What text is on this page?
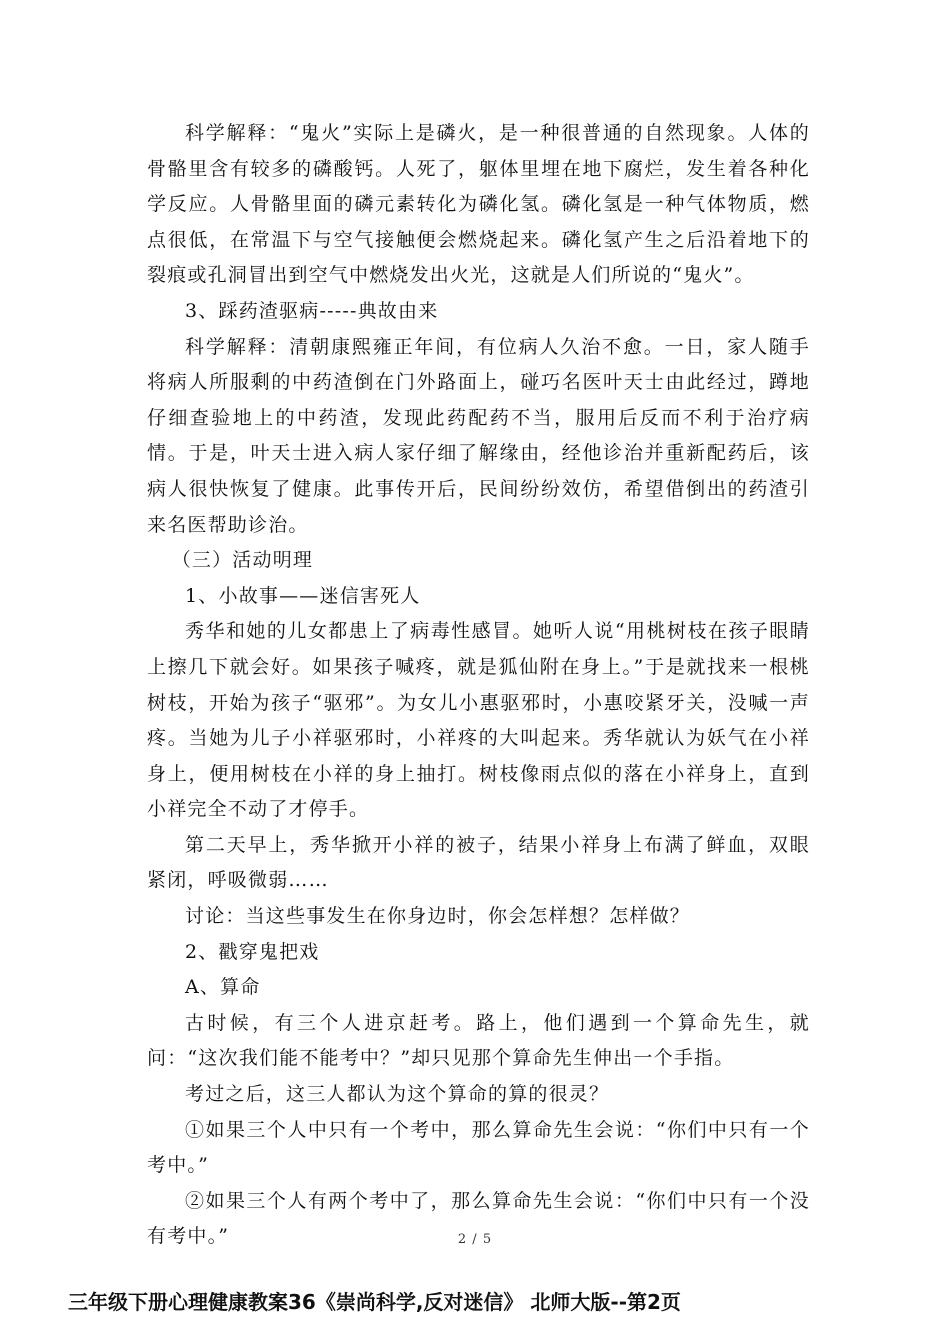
科学解释：“鬼火”实际上是磷火，是一种很普通的自然现象。人体的骨骼里含有较多的磷酸钙。人死了，躯体里埋在地下腐烂，发生着各种化学反应。人骨骼里面的磷元素转化为磷化氢。磷化氢是一种气体物质，燃点很低，在常温下与空气接触便会燃烧起来。磷化氢产生之后沿着地下的裂痕或孔洞冒出到空气中燃烧发出火光，这就是人们所说的“鬼火”。

3、踩药渣驱病-----典故由来

科学解释：清朝康熙雍正年间，有位病人久治不愈。一日，家人随手将病人所服剩的中药渣倒在门外路面上，碰巧名医叶天士由此经过，蹲地仔细查验地上的中药渣，发现此药配药不当，服用后反而不利于治疗病情。于是，叶天士进入病人家仔细了解缘由，经他诊治并重新配药后，该病人很快恢复了健康。此事传开后，民间纷纷效仿，希望借倒出的药渣引来名医帮助诊治。

（三）活动明理

1、小故事——迷信害死人

秀华和她的儿女都患上了病毒性感冒。她听人说“用桃树枝在孩子眼睛上擦几下就会好。如果孩子喊疼，就是狐仙附在身上。”于是就找来一根桃树枝，开始为孩子“驱邪”。为女儿小惠驱邪时，小惠咬紧牙关，没喊一声疼。当她为儿子小祥驱邪时，小祥疼的大叫起来。秀华就认为妖气在小祥身上，便用树枝在小祥的身上抽打。树枝像雨点似的落在小祥身上，直到小祥完全不动了才停手。

第二天早上，秀华掀开小祥的被子，结果小祥身上布满了鲜血，双眼紧闭，呼吸微弱……

讨论：当这些事发生在你身边时，你会怎样想？怎样做？

2、戳穿鬼把戏

A、算命

古时候，有三个人进京赶考。路上，他们遇到一个算命先生，就问：“这次我们能不能考中？”却只见那个算命先生伸出一个手指。

考过之后，这三人都认为这个算命的算的很灵？

①如果三个人中只有一个考中，那么算命先生会说：“你们中只有一个考中。”

②如果三个人有两个考中了，那么算命先生会说：“你们中只有一个没有考中。”	2 / 5
三年级下册心理健康教案36《崇尚科学,反对迷信》 北师大版--第2页
